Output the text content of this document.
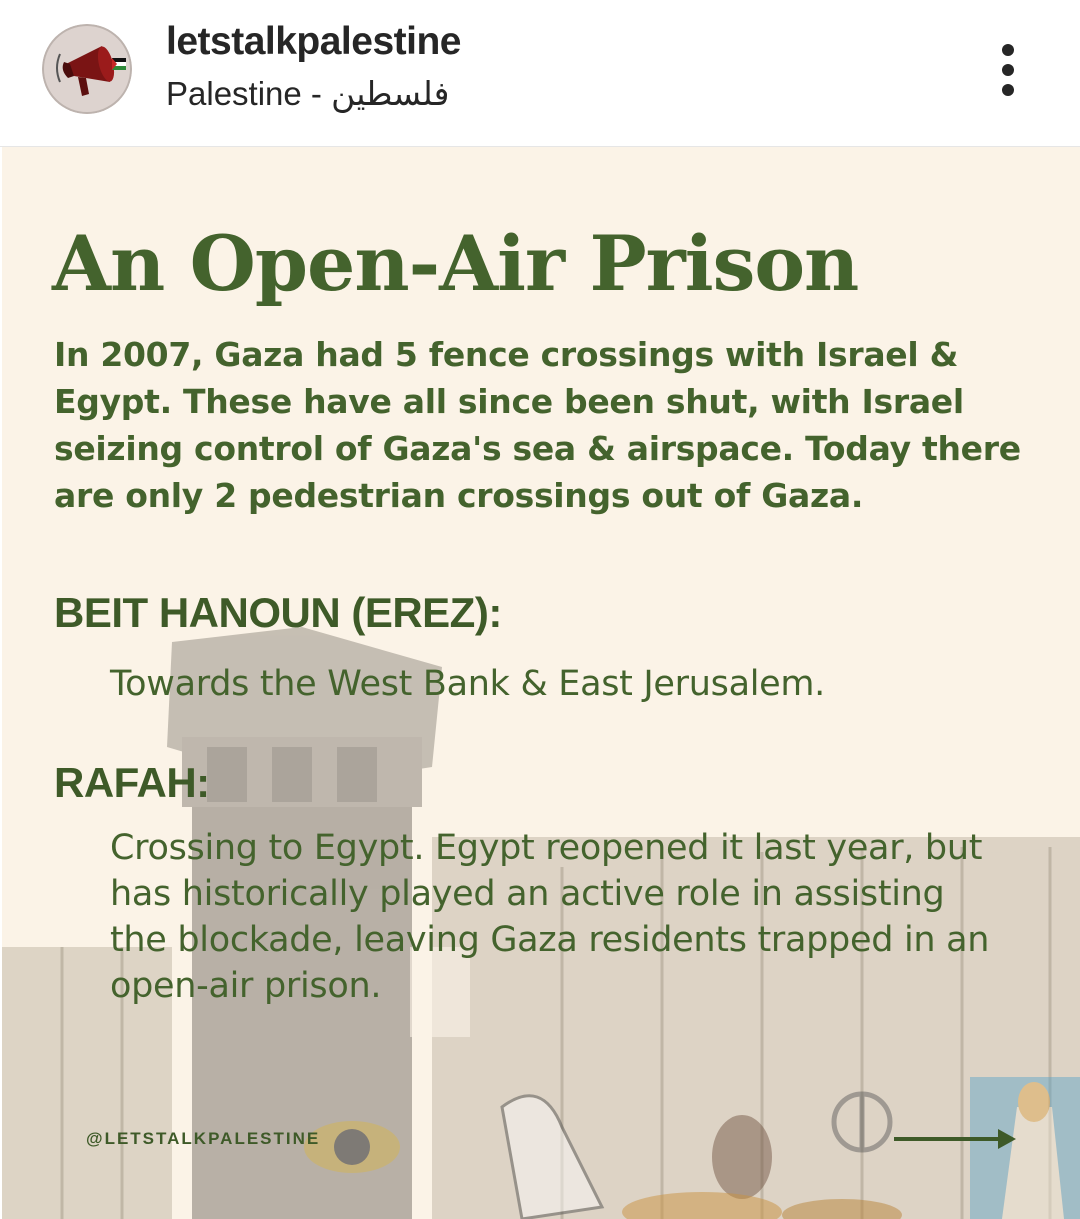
letstalkpalestine
Palestine - فلسطين
An Open-Air Prison
In 2007, Gaza had 5 fence crossings with Israel & Egypt. These have all since been shut, with Israel seizing control of Gaza's sea & airspace. Today there are only 2 pedestrian crossings out of Gaza.
BEIT HANOUN (EREZ):
Towards the West Bank & East Jerusalem.
RAFAH:
Crossing to Egypt. Egypt reopened it last year, but has historically played an active role in assisting the blockade, leaving Gaza residents trapped in an open-air prison.
@LETSTALKPALESTINE
